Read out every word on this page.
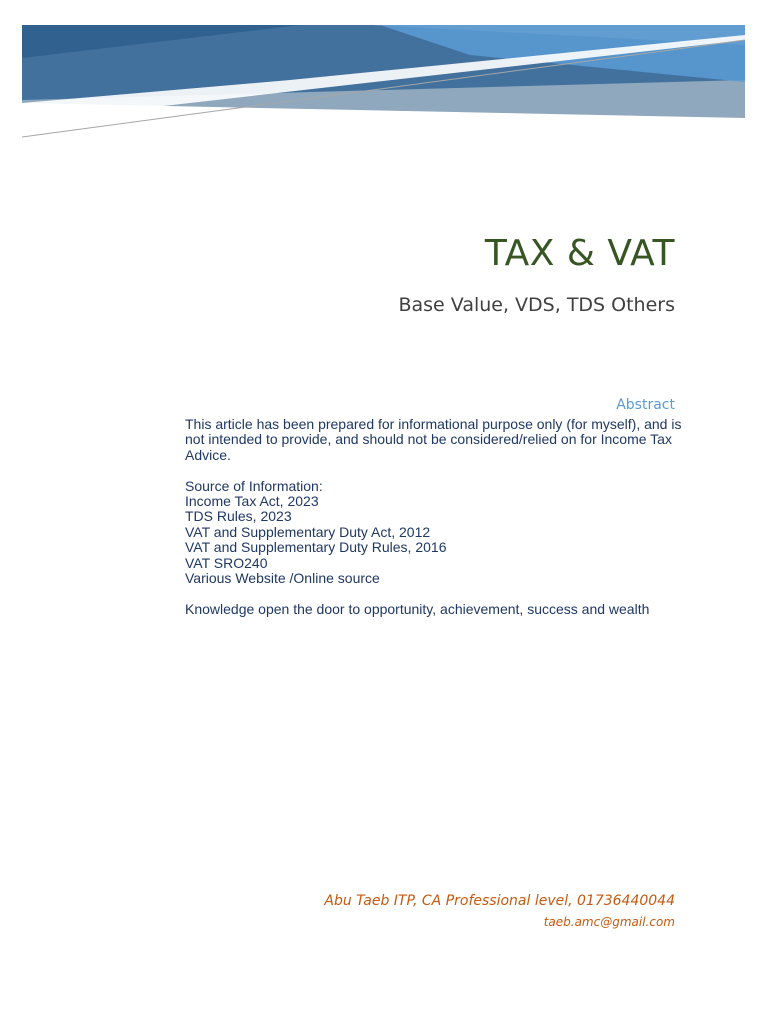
TAX & VAT
Base Value, VDS, TDS Others
Abstract

This article has been prepared for informational purpose only (for myself), and is not intended to provide, and should not be considered/relied on for Income Tax Advice.

Source of Information:

Income Tax Act, 2023

TDS Rules, 2023

VAT and Supplementary Duty Act, 2012

VAT and Supplementary Duty Rules, 2016

VAT SRO240

Various Website /Online source

Knowledge open the door to opportunity, achievement, success and wealth

Abu Taeb ITP, CA Professional level, 01736440044
taeb.amc@gmail.com
